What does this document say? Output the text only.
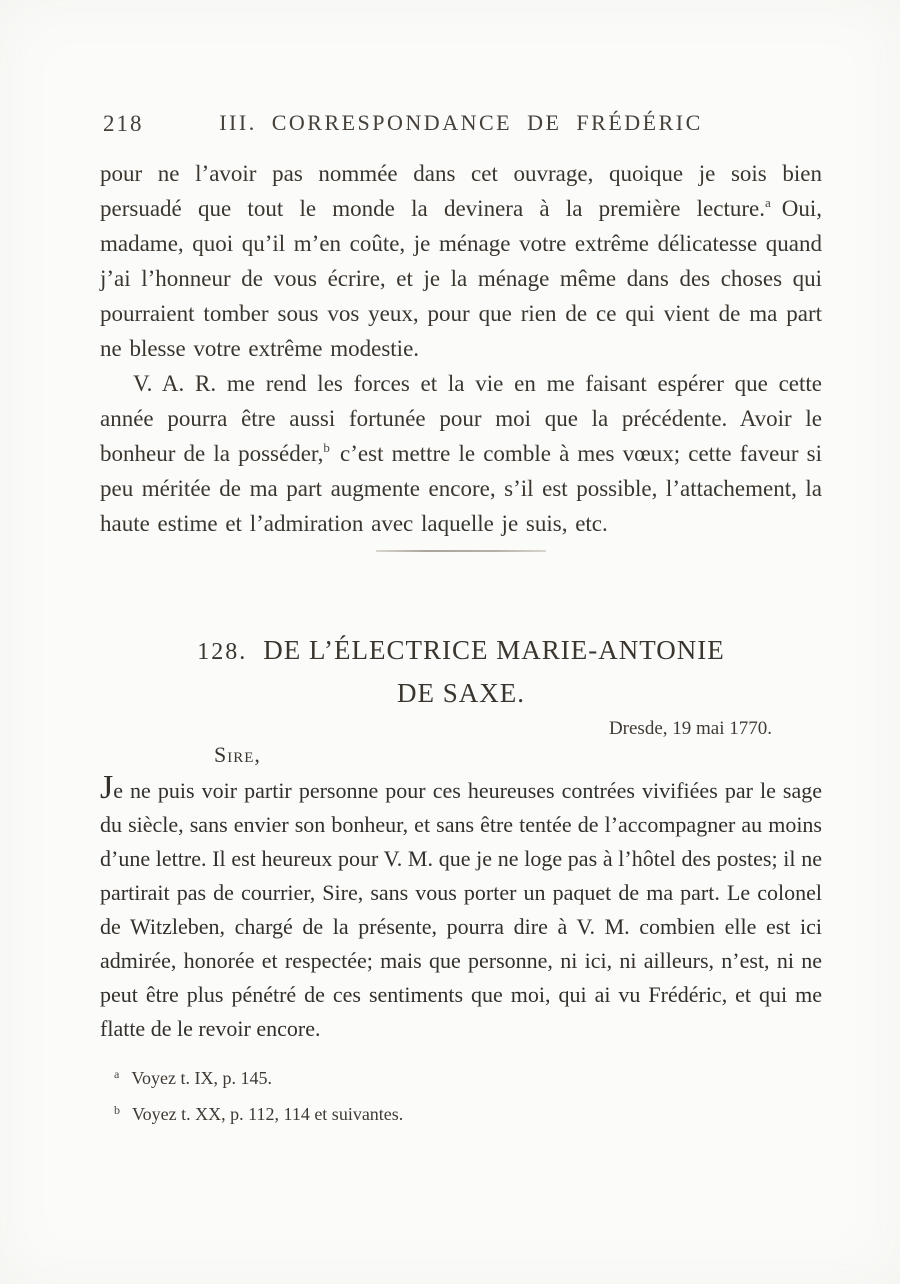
218	III. CORRESPONDANCE DE FRÉDÉRIC

pour ne l’avoir pas nommée dans cet ouvrage, quoique je sois bien persuadé que tout le monde la devinera à la première lecture.$^a$ Oui, madame, quoi qu’il m’en coûte, je ménage votre extrême délicatesse quand j’ai l’honneur de vous écrire, et je la ménage même dans des choses qui pourraient tomber sous vos yeux, pour que rien de ce qui vient de ma part ne blesse votre extrême modestie.

V. A. R. me rend les forces et la vie en me faisant espérer que cette année pourra être aussi fortunée pour moi que la précédente. Avoir le bonheur de la posséder,$^b$ c’est mettre le comble à mes vœux; cette faveur si peu méritée de ma part augmente encore, s’il est possible, l’attachement, la haute estime et l’admiration avec laquelle je suis, etc.

128. DE L’ÉLECTRICE MARIE-ANTONIE
DE SAXE.
Dresde, 19 mai 1770.
Sire,

Je ne puis voir partir personne pour ces heureuses contrées vivifiées par le sage du siècle, sans envier son bonheur, et sans être tentée de l’accompagner au moins d’une lettre. Il est heureux pour V. M. que je ne loge pas à l’hôtel des postes; il ne partirait pas de courrier, Sire, sans vous porter un paquet de ma part. Le colonel de Witzleben, chargé de la présente, pourra dire à V. M. combien elle est ici admirée, honorée et respectée; mais que personne, ni ici, ni ailleurs, n’est, ni ne peut être plus pénétré de ces sentiments que moi, qui ai vu Frédéric, et qui me flatte de le revoir encore.

$^a$ Voyez t. IX, p. 145.
$^b$ Voyez t. XX, p. 112, 114 et suivantes.
